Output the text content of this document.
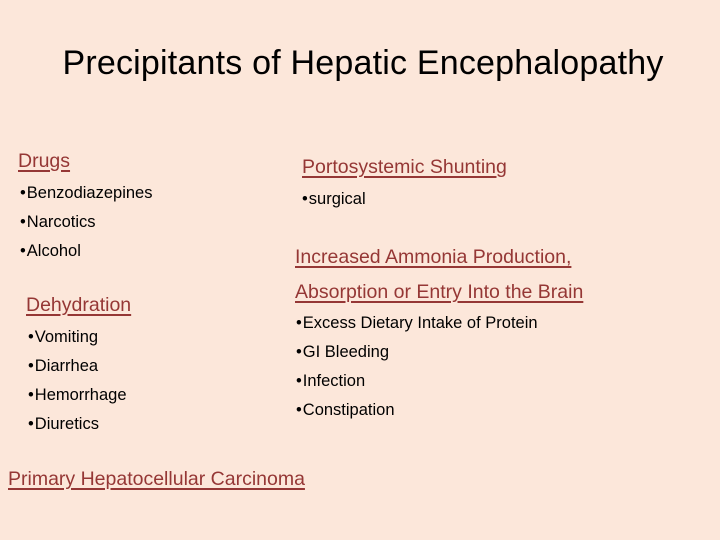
Precipitants of Hepatic Encephalopathy
Drugs
• Benzodiazepines
• Narcotics
• Alcohol
Dehydration
• Vomiting
• Diarrhea
• Hemorrhage
• Diuretics
Portosystemic Shunting
• surgical
Increased Ammonia Production,
Absorption or Entry Into the Brain
• Excess Dietary Intake of Protein
• GI Bleeding
• Infection
• Constipation
Primary Hepatocellular Carcinoma
